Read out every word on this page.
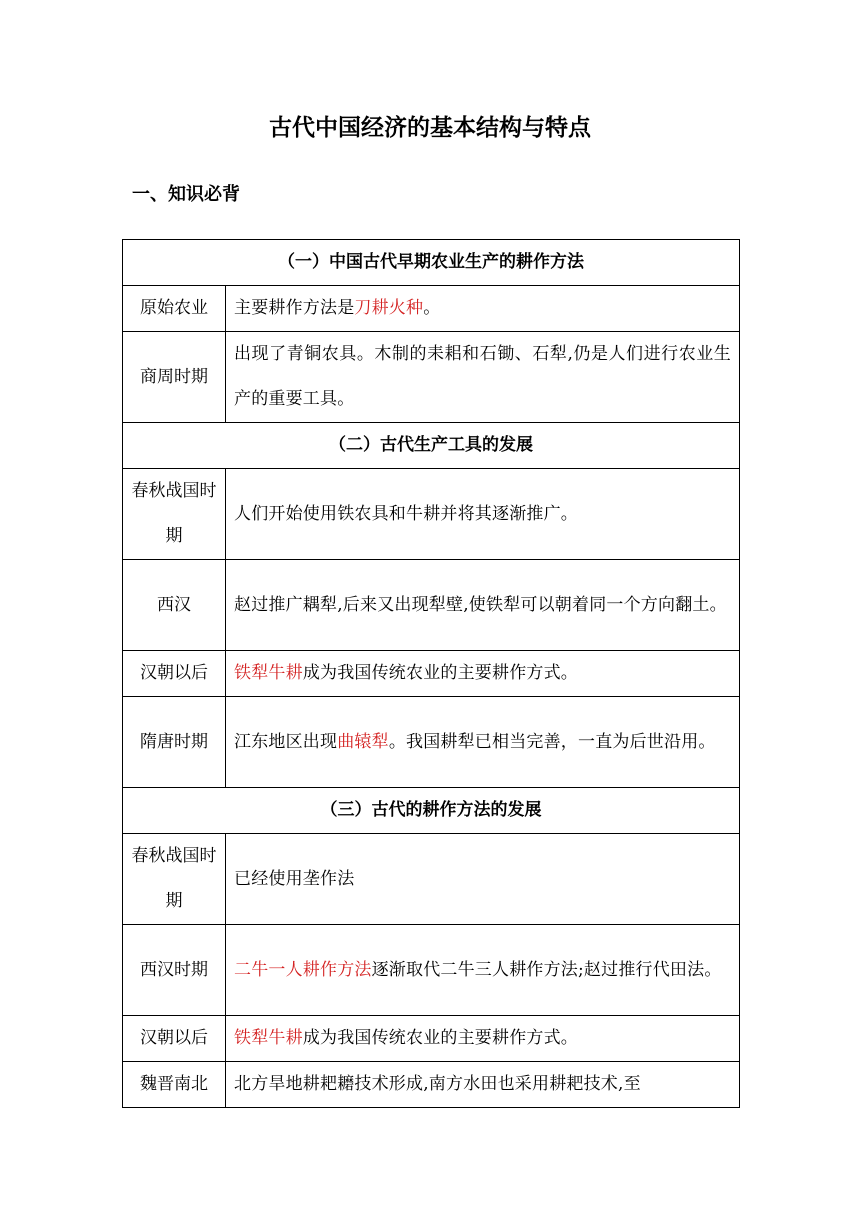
古代中国经济的基本结构与特点
一、知识必背
（一）中国古代早期农业生产的耕作方法	
原始农业	主要耕作方法是刀耕火种。
商周时期	出现了青铜农具。木制的耒耜和石锄、石犁,仍是人们进行农业生产的重要工具。
（二）古代生产工具的发展	
春秋战国时期	人们开始使用铁农具和牛耕并将其逐渐推广。
西汉	赵过推广耦犁,后来又出现犁壁,使铁犁可以朝着同一个方向翻土。
汉朝以后	铁犁牛耕成为我国传统农业的主要耕作方式。
隋唐时期	江东地区出现曲辕犁。我国耕犁已相当完善，一直为后世沿用。
（三）古代的耕作方法的发展	
春秋战国时期	已经使用垄作法
西汉时期	二牛一人耕作方法逐渐取代二牛三人耕作方法;赵过推行代田法。
汉朝以后	铁犁牛耕成为我国传统农业的主要耕作方式。
魏晋南北	北方旱地耕耙耱技术形成,南方水田也采用耕耙技术,至
